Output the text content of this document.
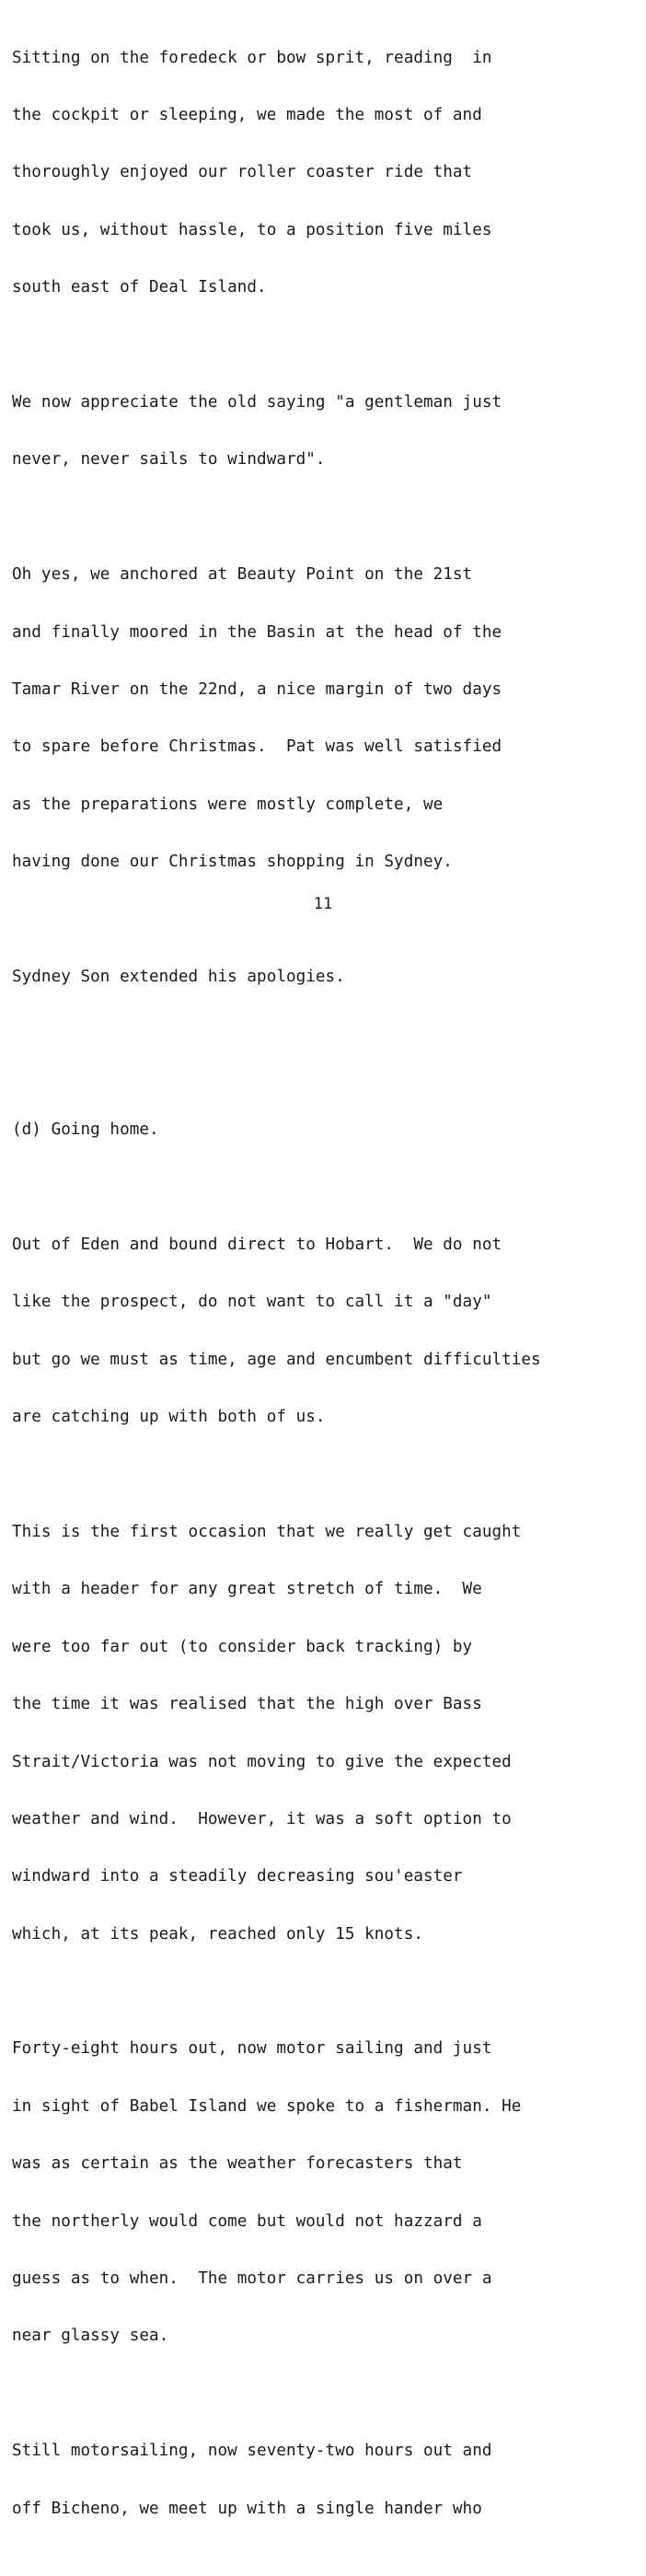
Sitting on the foredeck or bow sprit, reading  in

the cockpit or sleeping, we made the most of and

thoroughly enjoyed our roller coaster ride that

took us, without hassle, to a position five miles

south east of Deal Island.

We now appreciate the old saying "a gentleman just

never, never sails to windward".

Oh yes, we anchored at Beauty Point on the 21st

and finally moored in the Basin at the head of the

Tamar River on the 22nd, a nice margin of two days

to spare before Christmas.  Pat was well satisfied

as the preparations were mostly complete, we

having done our Christmas shopping in Sydney.

Sydney Son extended his apologies.

(d) Going home.

Out of Eden and bound direct to Hobart.  We do not

like the prospect, do not want to call it a "day"

but go we must as time, age and encumbent difficulties

are catching up with both of us.

This is the first occasion that we really get caught

with a header for any great stretch of time.  We

were too far out (to consider back tracking) by

the time it was realised that the high over Bass

Strait/Victoria was not moving to give the expected

weather and wind.  However, it was a soft option to

windward into a steadily decreasing sou'easter

which, at its peak, reached only 15 knots.

Forty-eight hours out, now motor sailing and just

in sight of Babel Island we spoke to a fisherman. He

was as certain as the weather forecasters that

the northerly would come but would not hazzard a

guess as to when.  The motor carries us on over a

near glassy sea.

Still motorsailing, now seventy-two hours out and

off Bicheno, we meet up with a single hander who

11
